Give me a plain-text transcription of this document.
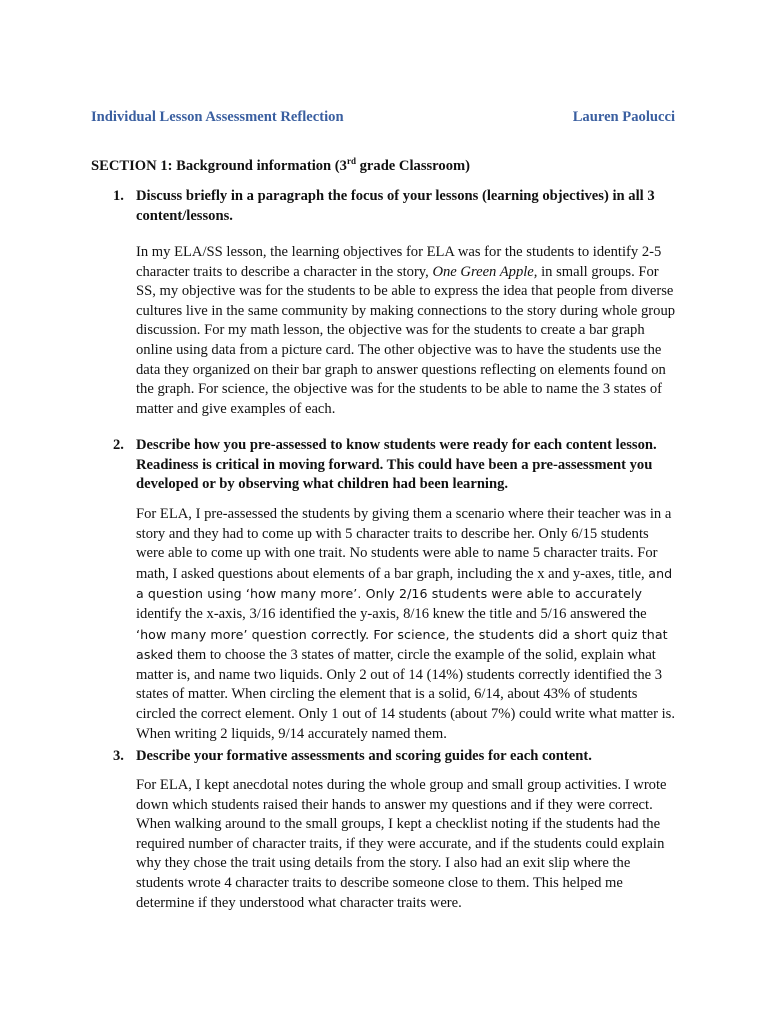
Individual Lesson Assessment Reflection	Lauren Paolucci
SECTION 1: Background information (3rd grade Classroom)
1. Discuss briefly in a paragraph the focus of your lessons (learning objectives) in all 3 content/lessons.
In my ELA/SS lesson, the learning objectives for ELA was for the students to identify 2-5 character traits to describe a character in the story, One Green Apple, in small groups. For SS, my objective was for the students to be able to express the idea that people from diverse cultures live in the same community by making connections to the story during whole group discussion. For my math lesson, the objective was for the students to create a bar graph online using data from a picture card. The other objective was to have the students use the data they organized on their bar graph to answer questions reflecting on elements found on the graph. For science, the objective was for the students to be able to name the 3 states of matter and give examples of each.
2. Describe how you pre-assessed to know students were ready for each content lesson. Readiness is critical in moving forward. This could have been a pre-assessment you developed or by observing what children had been learning.
For ELA, I pre-assessed the students by giving them a scenario where their teacher was in a story and they had to come up with 5 character traits to describe her. Only 6/15 students were able to come up with one trait. No students were able to name 5 character traits. For math, I asked questions about elements of a bar graph, including the x and y-axes, title, and a question using ‘how many more’. Only 2/16 students were able to accurately identify the x-axis, 3/16 identified the y-axis, 8/16 knew the title and 5/16 answered the ‘how many more’ question correctly. For science, the students did a short quiz that asked them to choose the 3 states of matter, circle the example of the solid, explain what matter is, and name two liquids. Only 2 out of 14 (14%) students correctly identified the 3 states of matter. When circling the element that is a solid, 6/14, about 43% of students circled the correct element. Only 1 out of 14 students (about 7%) could write what matter is. When writing 2 liquids, 9/14 accurately named them.
3. Describe your formative assessments and scoring guides for each content.
For ELA, I kept anecdotal notes during the whole group and small group activities. I wrote down which students raised their hands to answer my questions and if they were correct. When walking around to the small groups, I kept a checklist noting if the students had the required number of character traits, if they were accurate, and if the students could explain why they chose the trait using details from the story. I also had an exit slip where the students wrote 4 character traits to describe someone close to them. This helped me determine if they understood what character traits were.
